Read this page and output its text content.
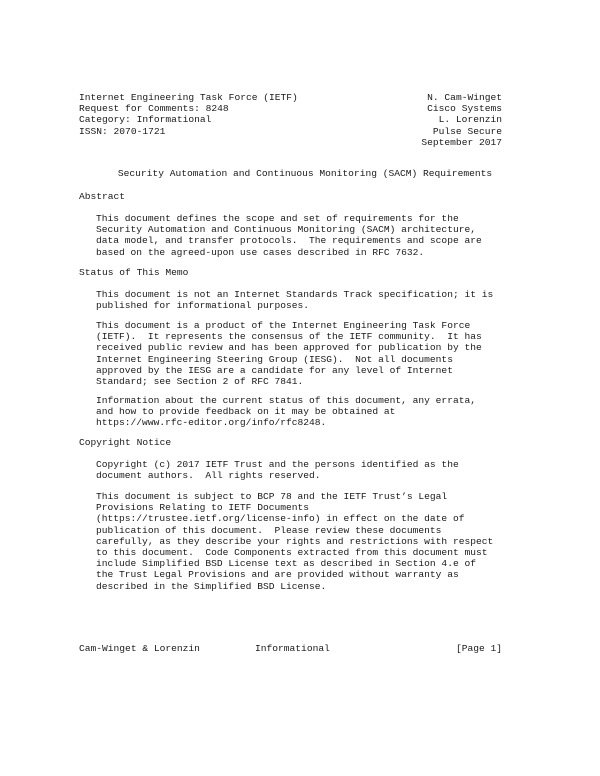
Internet Engineering Task Force (IETF)
Request for Comments: 8248
Category: Informational
ISSN: 2070-1721
N. Cam-Winget
Cisco Systems
L. Lorenzin
Pulse Secure
September 2017
Security Automation and Continuous Monitoring (SACM) Requirements
Abstract
This document defines the scope and set of requirements for the
Security Automation and Continuous Monitoring (SACM) architecture,
data model, and transfer protocols.  The requirements and scope are
based on the agreed-upon use cases described in RFC 7632.
Status of This Memo
This document is not an Internet Standards Track specification; it is
published for informational purposes.
This document is a product of the Internet Engineering Task Force
(IETF).  It represents the consensus of the IETF community.  It has
received public review and has been approved for publication by the
Internet Engineering Steering Group (IESG).  Not all documents
approved by the IESG are a candidate for any level of Internet
Standard; see Section 2 of RFC 7841.
Information about the current status of this document, any errata,
and how to provide feedback on it may be obtained at
https://www.rfc-editor.org/info/rfc8248.
Copyright Notice
Copyright (c) 2017 IETF Trust and the persons identified as the
document authors.  All rights reserved.
This document is subject to BCP 78 and the IETF Trust’s Legal
Provisions Relating to IETF Documents
(https://trustee.ietf.org/license-info) in effect on the date of
publication of this document.  Please review these documents
carefully, as they describe your rights and restrictions with respect
to this document.  Code Components extracted from this document must
include Simplified BSD License text as described in Section 4.e of
the Trust Legal Provisions and are provided without warranty as
described in the Simplified BSD License.
Cam-Winget & Lorenzin	Informational	[Page 1]
